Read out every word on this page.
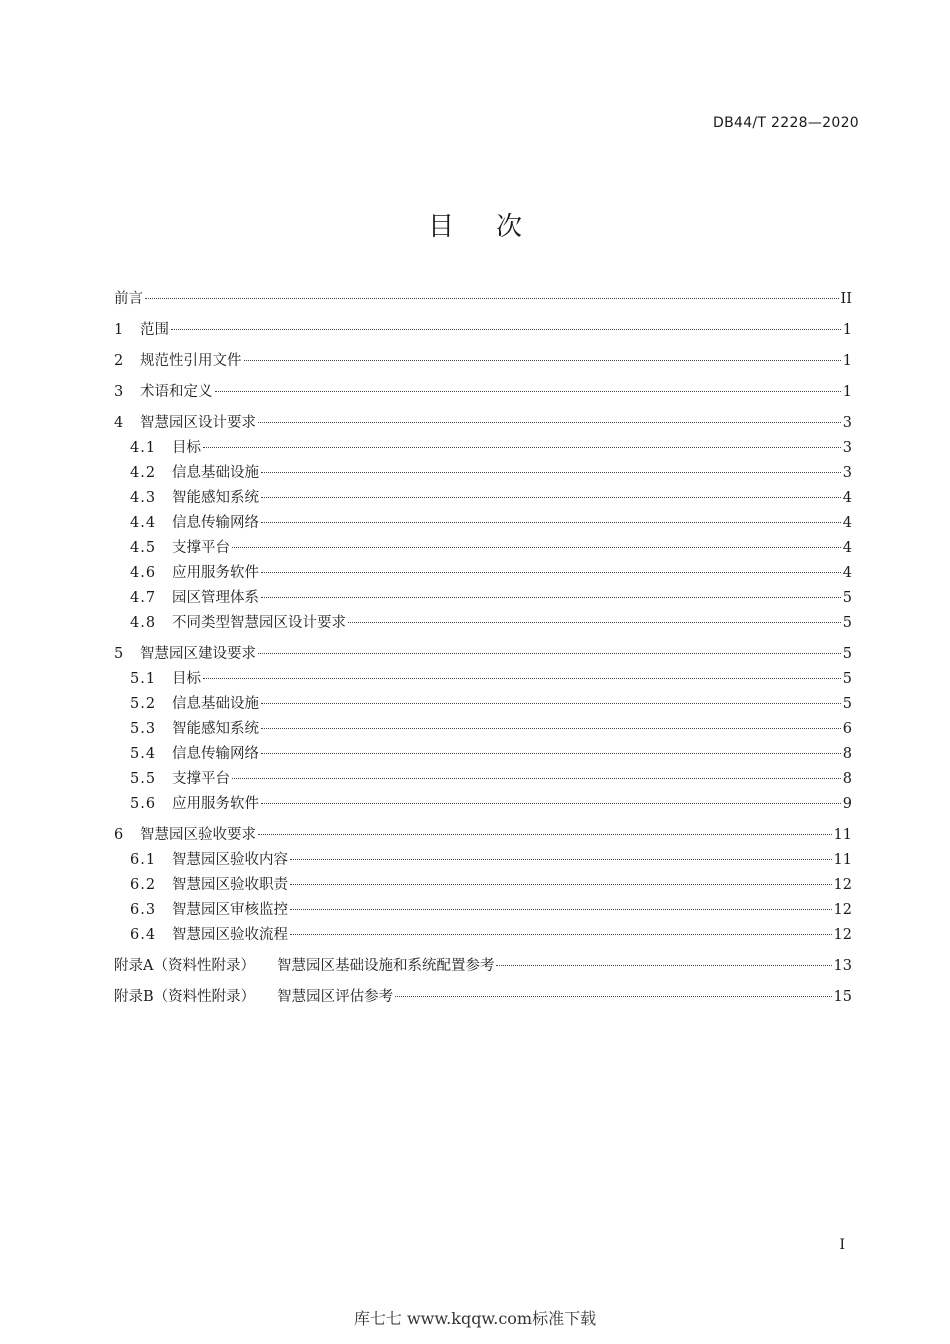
DB44/T 2228—2020
目 次
前言	II
1	范围	1
2	规范性引用文件	1
3	术语和定义	1
4	智慧园区设计要求	3
4.1	目标	3
4.2	信息基础设施	3
4.3	智能感知系统	4
4.4	信息传输网络	4
4.5	支撑平台	4
4.6	应用服务软件	4
4.7	园区管理体系	5
4.8	不同类型智慧园区设计要求	5
5	智慧园区建设要求	5
5.1	目标	5
5.2	信息基础设施	5
5.3	智能感知系统	6
5.4	信息传输网络	8
5.5	支撑平台	8
5.6	应用服务软件	9
6	智慧园区验收要求	11
6.1	智慧园区验收内容	11
6.2	智慧园区验收职责	12
6.3	智慧园区审核监控	12
6.4	智慧园区验收流程	12
附录A（资料性附录）	智慧园区基础设施和系统配置参考	13
附录B（资料性附录）	智慧园区评估参考	15
I
库七七 www.kqqw.com标准下载
